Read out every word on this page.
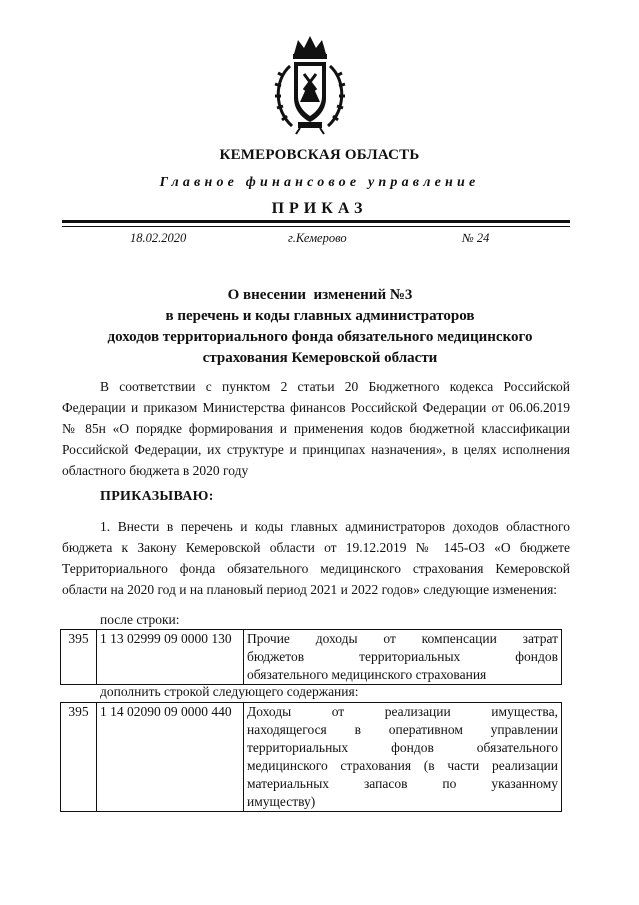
КЕМЕРОВСКАЯ ОБЛАСТЬ
Главное финансовое управление
ПРИКАЗ
18.02.2020	г.Кемерово	№ 24
О внесении  изменений №3
в перечень и коды главных администраторов
доходов территориального фонда обязательного медицинского
страхования Кемеровской области
В соответствии с пунктом 2 статьи 20 Бюджетного кодекса Российской Федерации и приказом Министерства финансов Российской Федерации от 06.06.2019 № 85н «О порядке формирования и применения кодов бюджетной классификации Российской Федерации, их структуре и принципах назначения», в целях исполнения областного бюджета в 2020 году
ПРИКАЗЫВАЮ:
1. Внести в перечень и коды главных администраторов доходов областного бюджета к Закону Кемеровской области от 19.12.2019 № 145-ОЗ «О бюджете Территориального фонда обязательного медицинского страхования Кемеровской области на 2020 год и на плановый период 2021 и 2022 годов» следующие изменения:
после строки:
395	1 13 02999 09 0000 130	Прочие доходы от компенсации затрат
бюджетов территориальных фондов
обязательного медицинского страхования
дополнить строкой следующего содержания:
395	1 14 02090 09 0000 440	Доходы от реализации имущества,
находящегося в оперативном управлении
территориальных фондов обязательного
медицинского страхования (в части реализации
материальных запасов по указанному
имуществу)
